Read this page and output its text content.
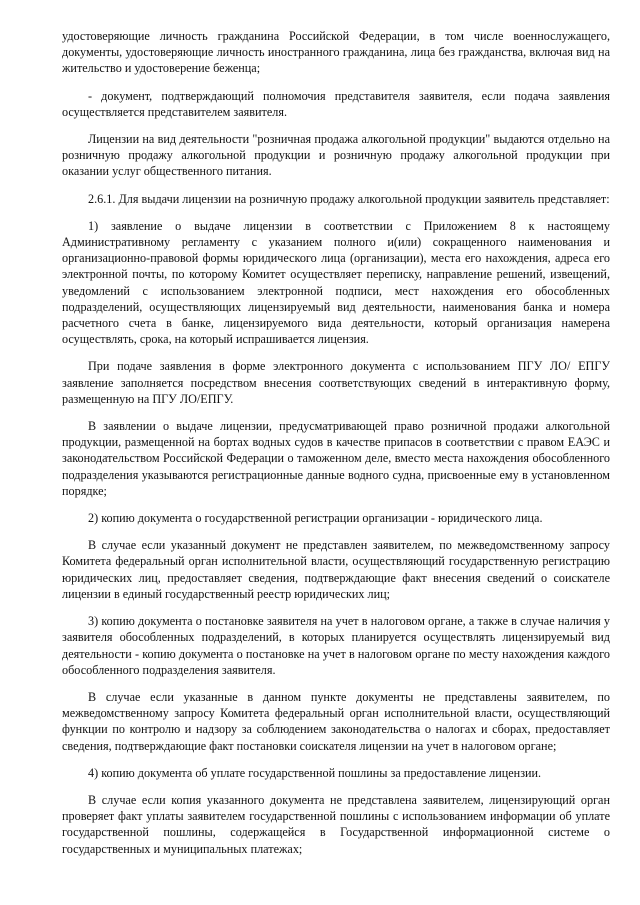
удостоверяющие личность гражданина Российской Федерации, в том числе военнослужащего, документы, удостоверяющие личность иностранного гражданина, лица без гражданства, включая вид на жительство и удостоверение беженца;

- документ, подтверждающий полномочия представителя заявителя, если подача заявления осуществляется представителем заявителя.

Лицензии на вид деятельности "розничная продажа алкогольной продукции" выдаются отдельно на розничную продажу алкогольной продукции и розничную продажу алкогольной продукции при оказании услуг общественного питания.

2.6.1. Для выдачи лицензии на розничную продажу алкогольной продукции заявитель представляет:

1) заявление о выдаче лицензии в соответствии с Приложением 8 к настоящему Административному регламенту с указанием полного и(или) сокращенного наименования и организационно-правовой формы юридического лица (организации), места его нахождения, адреса его электронной почты, по которому Комитет осуществляет переписку, направление решений, извещений, уведомлений с использованием электронной подписи, мест нахождения его обособленных подразделений, осуществляющих лицензируемый вид деятельности, наименования банка и номера расчетного счета в банке, лицензируемого вида деятельности, который организация намерена осуществлять, срока, на который испрашивается лицензия.

При подаче заявления в форме электронного документа с использованием ПГУ ЛО/ ЕПГУ заявление заполняется посредством внесения соответствующих сведений в интерактивную форму, размещенную на ПГУ ЛО/ЕПГУ.

В заявлении о выдаче лицензии, предусматривающей право розничной продажи алкогольной продукции, размещенной на бортах водных судов в качестве припасов в соответствии с правом ЕАЭС и законодательством Российской Федерации о таможенном деле, вместо места нахождения обособленного подразделения указываются регистрационные данные водного судна, присвоенные ему в установленном порядке;

2) копию документа о государственной регистрации организации - юридического лица.

В случае если указанный документ не представлен заявителем, по межведомственному запросу Комитета федеральный орган исполнительной власти, осуществляющий государственную регистрацию юридических лиц, предоставляет сведения, подтверждающие факт внесения сведений о соискателе лицензии в единый государственный реестр юридических лиц;

3) копию документа о постановке заявителя на учет в налоговом органе, а также в случае наличия у заявителя обособленных подразделений, в которых планируется осуществлять лицензируемый вид деятельности - копию документа о постановке на учет в налоговом органе по месту нахождения каждого обособленного подразделения заявителя.

В случае если указанные в данном пункте документы не представлены заявителем, по межведомственному запросу Комитета федеральный орган исполнительной власти, осуществляющий функции по контролю и надзору за соблюдением законодательства о налогах и сборах, предоставляет сведения, подтверждающие факт постановки соискателя лицензии на учет в налоговом органе;

4) копию документа об уплате государственной пошлины за предоставление лицензии.

В случае если копия указанного документа не представлена заявителем, лицензирующий орган проверяет факт уплаты заявителем государственной пошлины с использованием информации об уплате государственной пошлины, содержащейся в Государственной информационной системе о государственных и муниципальных платежах;
